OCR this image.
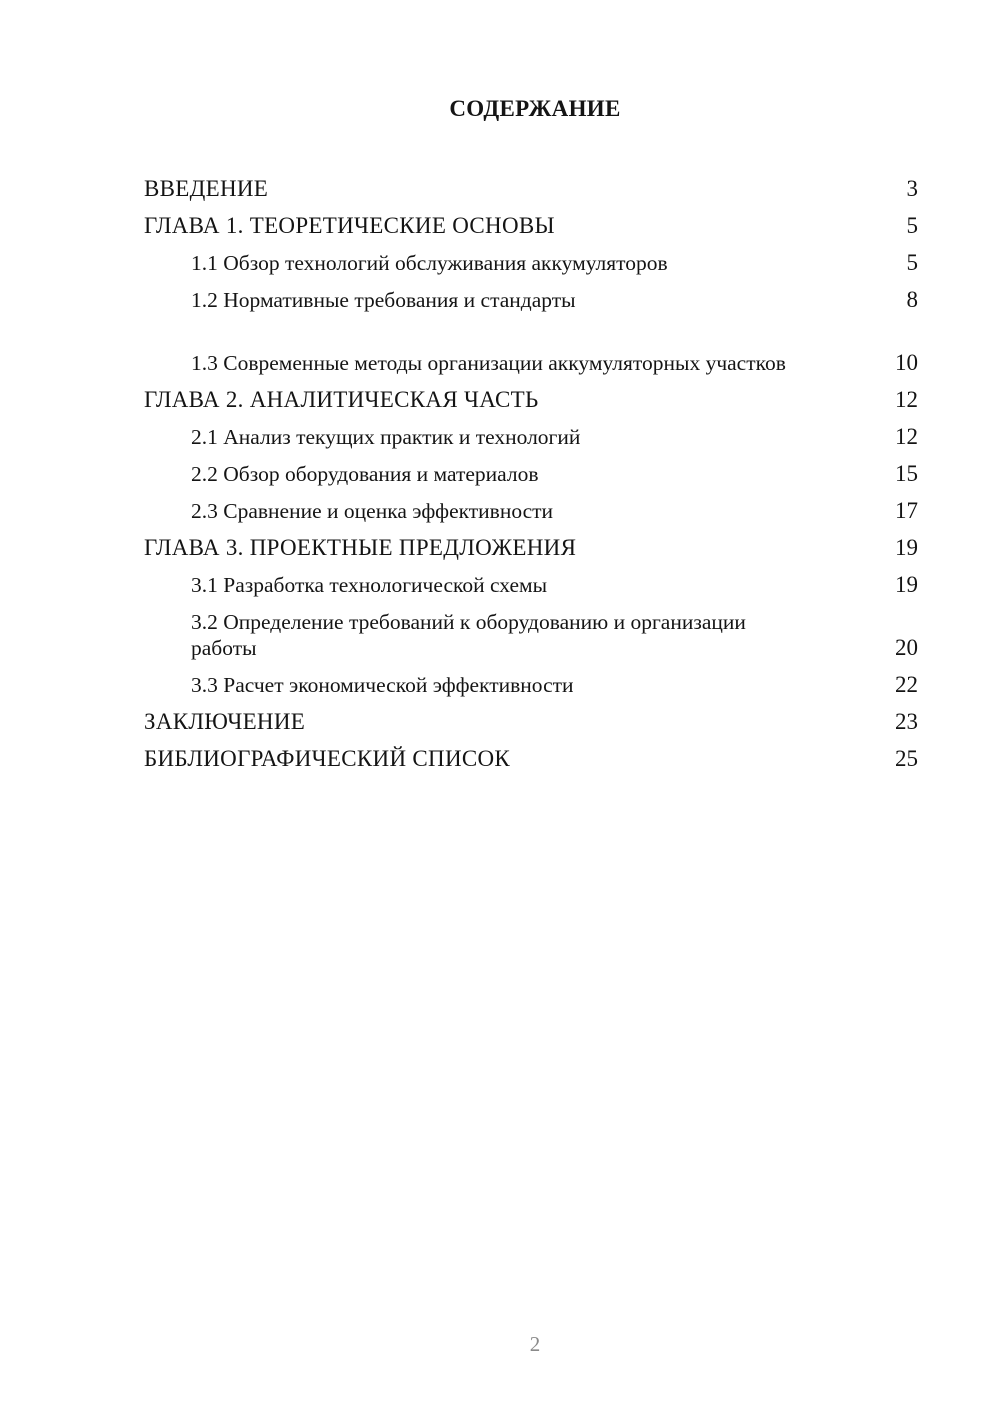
СОДЕРЖАНИЕ
ВВЕДЕНИЕ	3
ГЛАВА 1. ТЕОРЕТИЧЕСКИЕ ОСНОВЫ	5
1.1 Обзор технологий обслуживания аккумуляторов	5
1.2 Нормативные требования и стандарты	8
1.3 Современные методы организации аккумуляторных участков	10
ГЛАВА 2. АНАЛИТИЧЕСКАЯ ЧАСТЬ	12
2.1 Анализ текущих практик и технологий	12
2.2 Обзор оборудования и материалов	15
2.3 Сравнение и оценка эффективности	17
ГЛАВА 3. ПРОЕКТНЫЕ ПРЕДЛОЖЕНИЯ	19
3.1 Разработка технологической схемы	19
3.2 Определение требований к оборудованию и организации работы	20
3.3 Расчет экономической эффективности	22
ЗАКЛЮЧЕНИЕ	23
БИБЛИОГРАФИЧЕСКИЙ СПИСОК	25
2
